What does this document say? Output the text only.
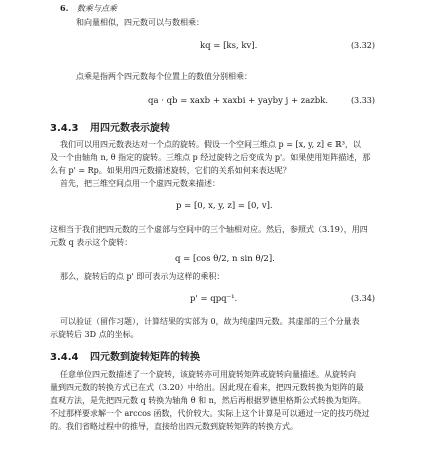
6. 数乘与点乘
和向量相似，四元数可以与数相乘：
kq = [ks, kv].	(3.32)
点乘是指两个四元数每个位置上的数值分别相乘：
qa · qb = xaxb + xaxbi + yayby j + zazbk.	(3.33)
3.4.3 用四元数表示旋转
我们可以用四元数表达对一个点的旋转。假设一个空间三维点 p = [x, y, z] ∈ ℝ³，以
及一个由轴角 n, θ 指定的旋转。三维点 p 经过旋转之后变成为 p'。如果使用矩阵描述，那
么有 p' = Rp。如果用四元数描述旋转，它们的关系如何来表达呢？
首先，把三维空间点用一个虚四元数来描述：
p = [0, x, y, z] = [0, v].
这相当于我们把四元数的三个虚部与空间中的三个轴相对应。然后，参照式（3.19），用四
元数 q 表示这个旋转：
q = [cos θ/2, n sin θ/2].
那么，旋转后的点 p' 即可表示为这样的乘积：
p' = qpq⁻¹.	(3.34)
可以验证（留作习题），计算结果的实部为 0，故为纯虚四元数。其虚部的三个分量表
示旋转后 3D 点的坐标。
3.4.4 四元数到旋转矩阵的转换
任意单位四元数描述了一个旋转，该旋转亦可用旋转矩阵或旋转向量描述。从旋转向
量到四元数的转换方式已在式（3.20）中给出。因此现在看来，把四元数转换为矩阵的最
直观方法，是先把四元数 q 转换为轴角 θ 和 n，然后再根据罗德里格斯公式转换为矩阵。
不过那样要求解一个 arccos 函数，代价较大。实际上这个计算是可以通过一定的技巧绕过
的。我们省略过程中的推导，直接给出四元数到旋转矩阵的转换方式。
